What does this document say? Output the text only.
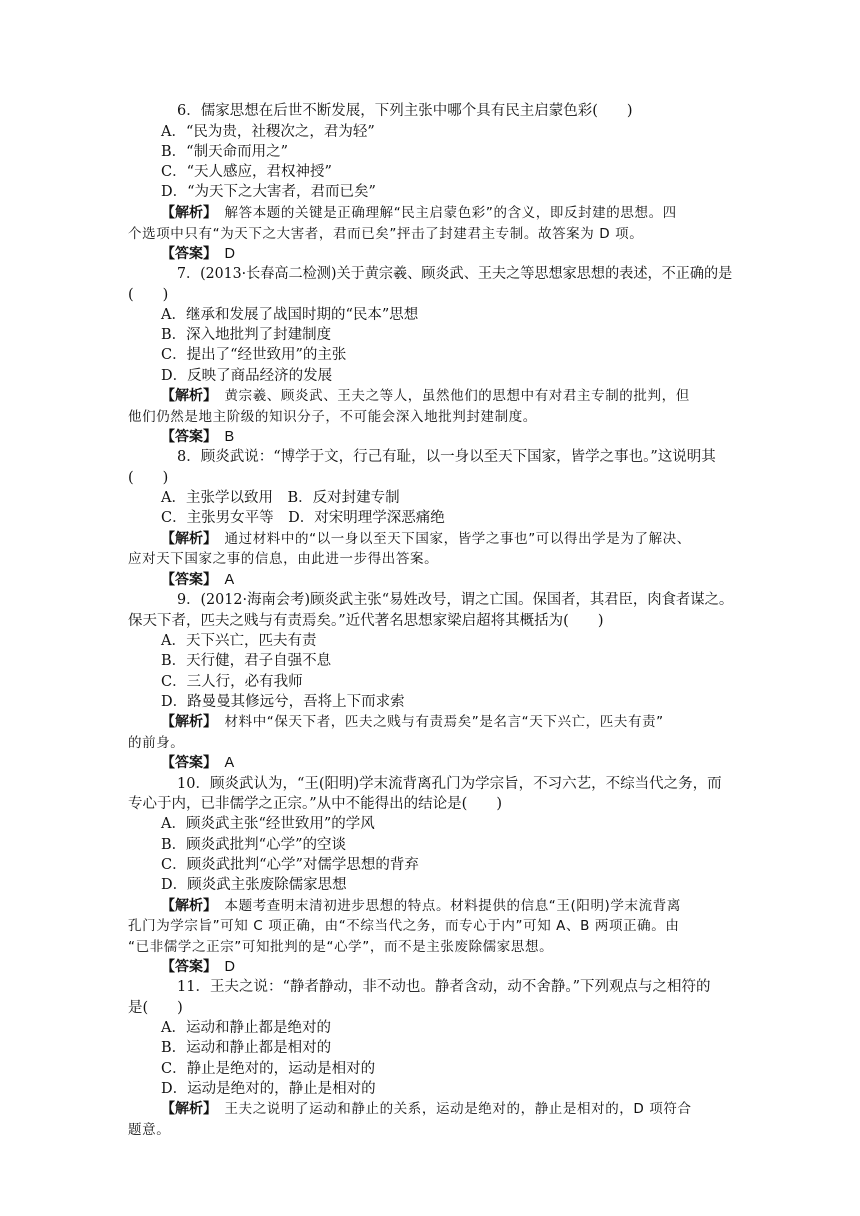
6．儒家思想在后世不断发展，下列主张中哪个具有民主启蒙色彩(　　)
A．“民为贵，社稷次之，君为轻”
B．“制天命而用之”
C．“天人感应，君权神授”
D．“为天下之大害者，君而已矣”
【解析】　 解答本题的关键是正确理解“民主启蒙色彩”的含义，即反封建的思想。四
个选项中只有“为天下之大害者，君而已矣”抨击了封建君主专制。故答案为 D 项。
【答案】　 D
7．(2013·长春高二检测)关于黄宗羲、顾炎武、王夫之等思想家思想的表述，不正确的是
(　　)
A．继承和发展了战国时期的“民本”思想
B．深入地批判了封建制度
C．提出了“经世致用”的主张
D．反映了商品经济的发展
【解析】　 黄宗羲、顾炎武、王夫之等人，虽然他们的思想中有对君主专制的批判，但
他们仍然是地主阶级的知识分子，不可能会深入地批判封建制度。
【答案】　 B
8．顾炎武说：“博学于文，行己有耻，以一身以至天下国家，皆学之事也。”这说明其
(　　)
A．主张学以致用　B．反对封建专制
C．主张男女平等　D．对宋明理学深恶痛绝
【解析】　 通过材料中的“以一身以至天下国家，皆学之事也”可以得出学是为了解决、
应对天下国家之事的信息，由此进一步得出答案。
【答案】　 A
9．(2012·海南会考)顾炎武主张“易姓改号，谓之亡国。保国者，其君臣，肉食者谋之。
保天下者，匹夫之贱与有责焉矣。”近代著名思想家梁启超将其概括为(　　)
A．天下兴亡，匹夫有责
B．天行健，君子自强不息
C．三人行，必有我师
D．路曼曼其修远兮，吾将上下而求索
【解析】　 材料中“保天下者，匹夫之贱与有责焉矣”是名言“天下兴亡，匹夫有责”
的前身。
【答案】　 A
10．顾炎武认为，“王(阳明)学末流背离孔门为学宗旨，不习六艺，不综当代之务，而
专心于内，已非儒学之正宗。”从中不能得出的结论是(　　)
A．顾炎武主张“经世致用”的学风
B．顾炎武批判“心学”的空谈
C．顾炎武批判“心学”对儒学思想的背弃
D．顾炎武主张废除儒家思想
【解析】　 本题考查明末清初进步思想的特点。材料提供的信息“王(阳明)学末流背离
孔门为学宗旨”可知 C 项正确，由“不综当代之务，而专心于内”可知 A、B 两项正确。由
“已非儒学之正宗”可知批判的是“心学”，而不是主张废除儒家思想。
【答案】　 D
11．王夫之说：“静者静动，非不动也。静者含动，动不舍静。”下列观点与之相符的
是(　　)
A．运动和静止都是绝对的
B．运动和静止都是相对的
C．静止是绝对的，运动是相对的
D．运动是绝对的，静止是相对的
【解析】　 王夫之说明了运动和静止的关系，运动是绝对的，静止是相对的，D 项符合
题意。
